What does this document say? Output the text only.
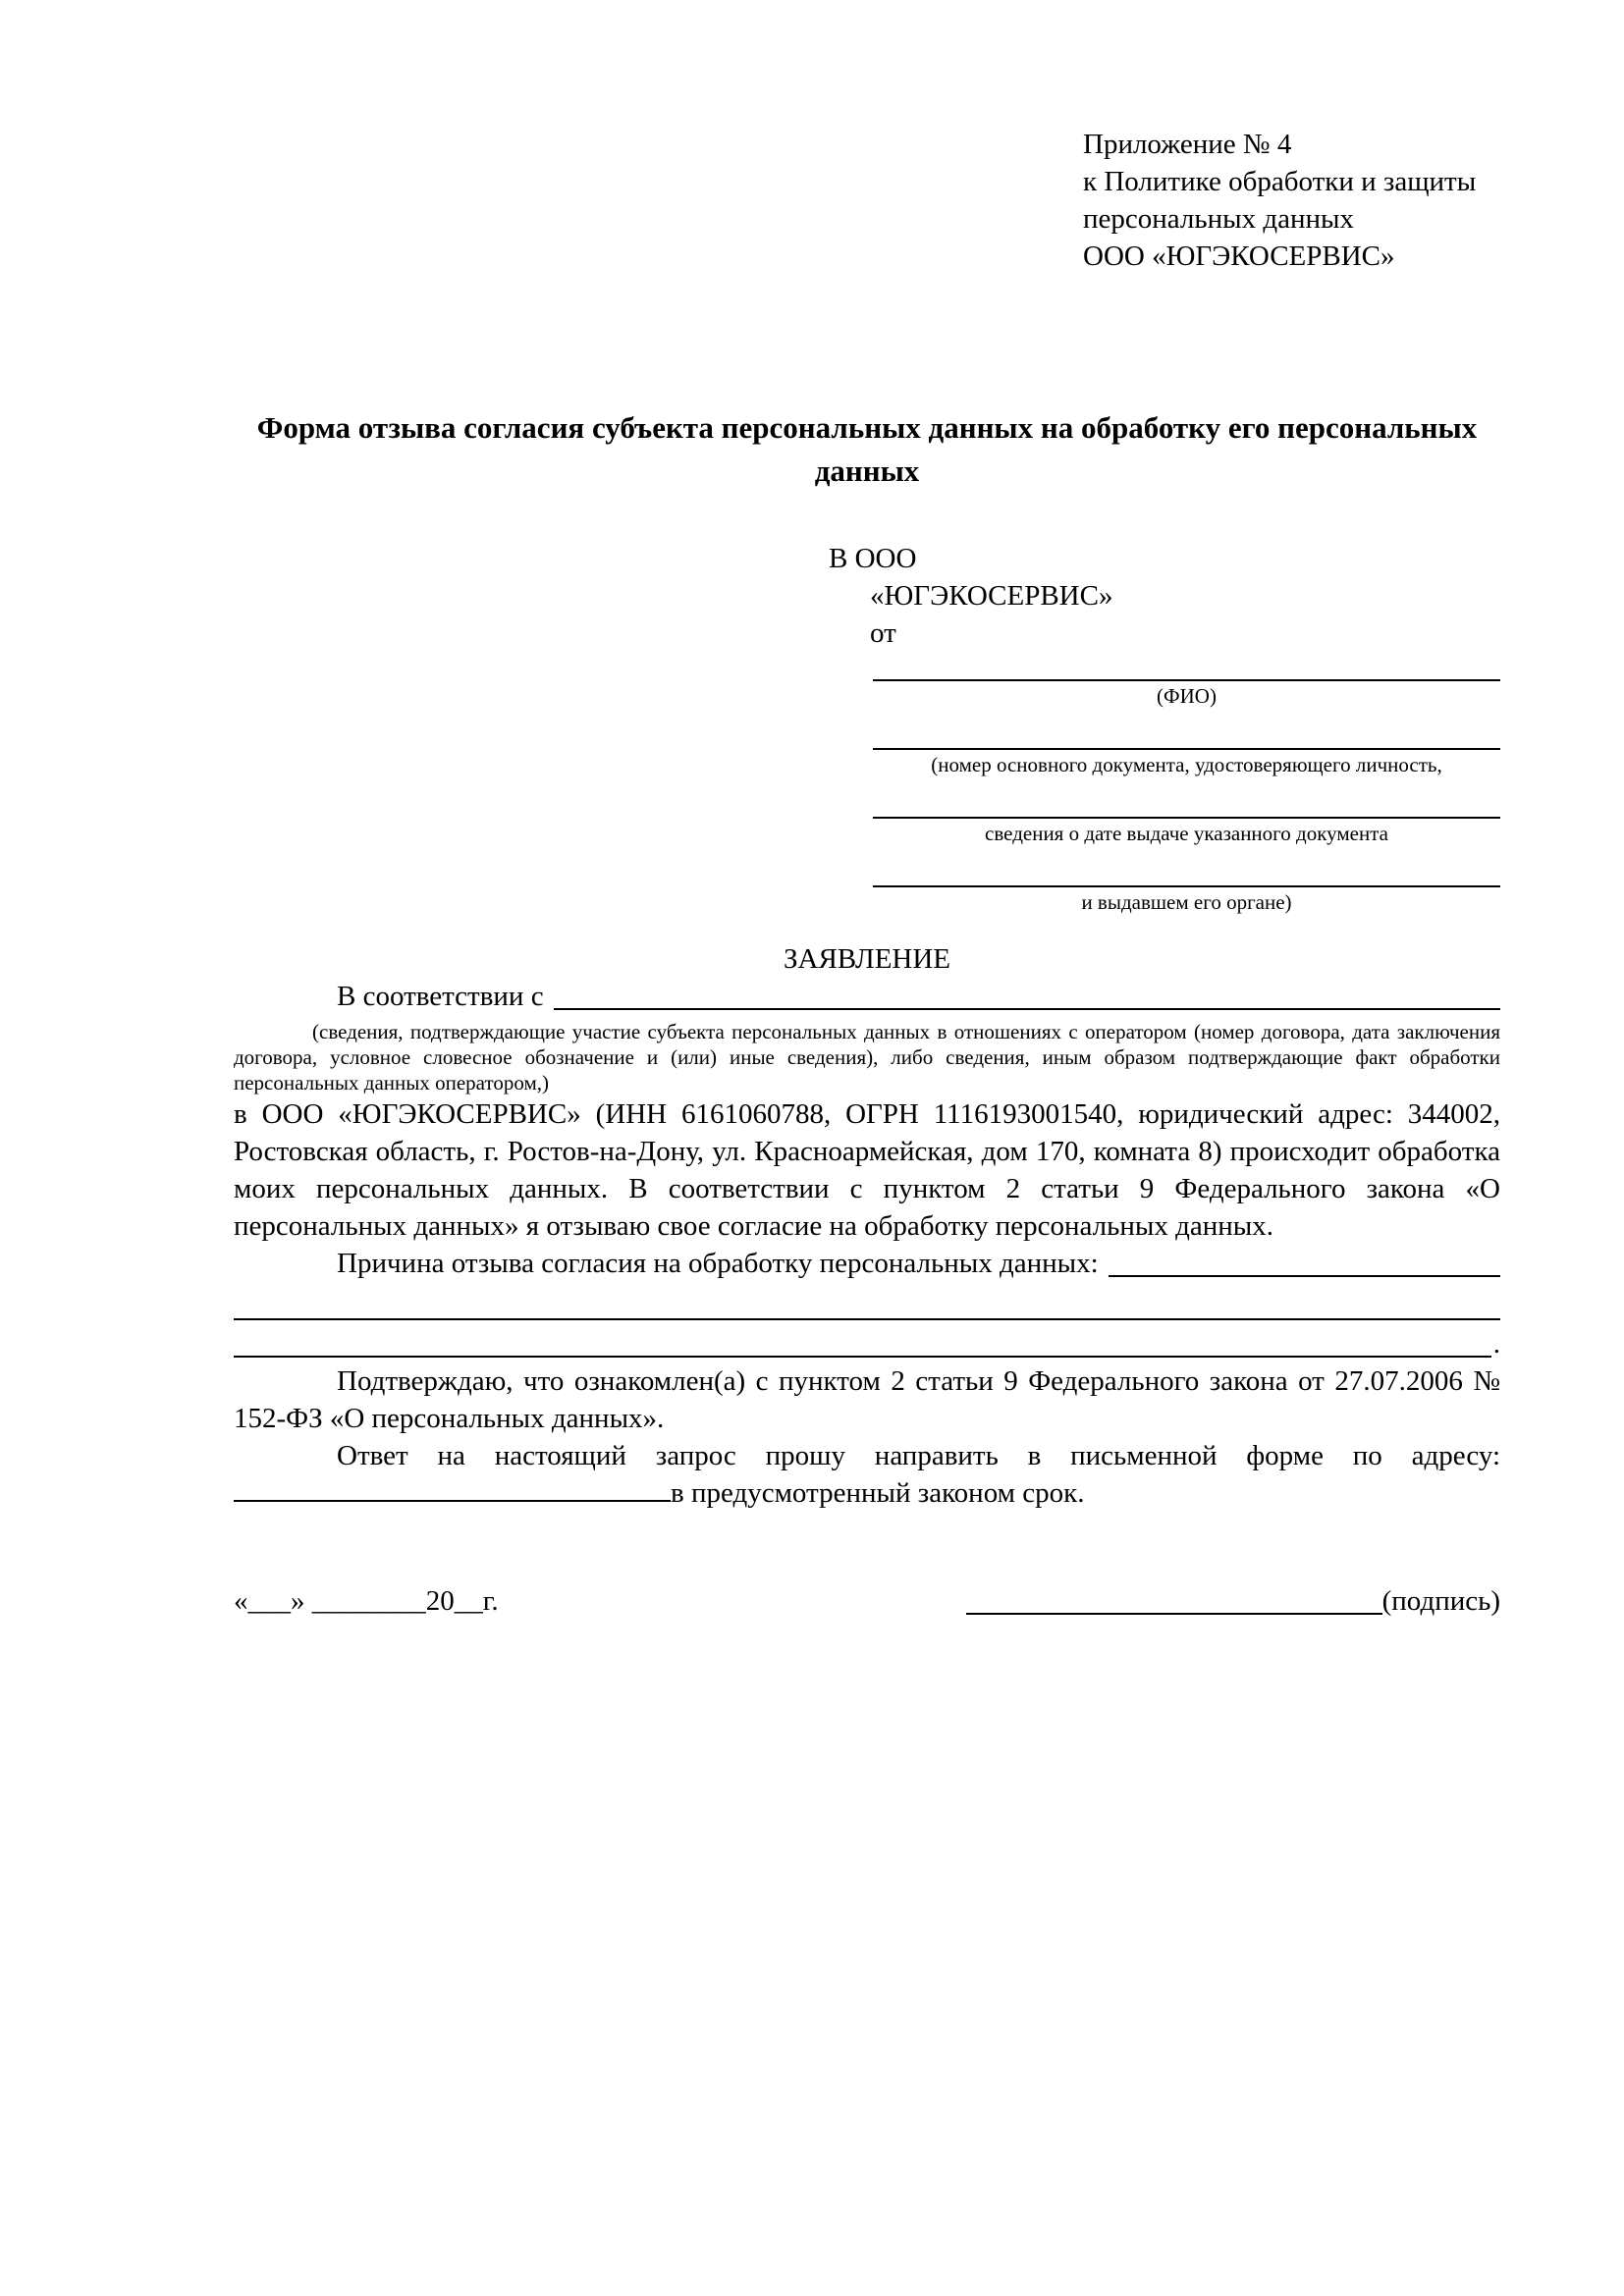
Приложение № 4
к Политике обработки и защиты
персональных данных
ООО «ЮГЭКОСЕРВИС»
Форма отзыва согласия субъекта персональных данных на обработку его персональных данных
В ООО
«ЮГЭКОСЕРВИС»
от
(ФИО)
(номер основного документа, удостоверяющего личность,
сведения о дате выдаче указанного документа
и выдавшем его органе)
ЗАЯВЛЕНИЕ
В соответствии с
(сведения, подтверждающие участие субъекта персональных данных в отношениях с оператором (номер договора, дата заключения договора, условное словесное обозначение и (или) иные сведения), либо сведения, иным образом подтверждающие факт обработки персональных данных оператором,)

в ООО «ЮГЭКОСЕРВИС» (ИНН 6161060788, ОГРН 1116193001540, юридический адрес: 344002, Ростовская область, г. Ростов-на-Дону, ул. Красноармейская, дом 170, комната 8) происходит обработка моих персональных данных. В соответствии с пунктом 2 статьи 9 Федерального закона «О персональных данных» я отзываю свое согласие на обработку персональных данных.

Причина отзыва согласия на обработку персональных данных:
.

Подтверждаю, что ознакомлен(а) с пунктом 2 статьи 9 Федерального закона от 27.07.2006 № 152-ФЗ «О персональных данных».

Ответ на настоящий запрос прошу направить в письменной форме по адресу: в предусмотренный законом срок.

«___» ________20__г.	(подпись)
